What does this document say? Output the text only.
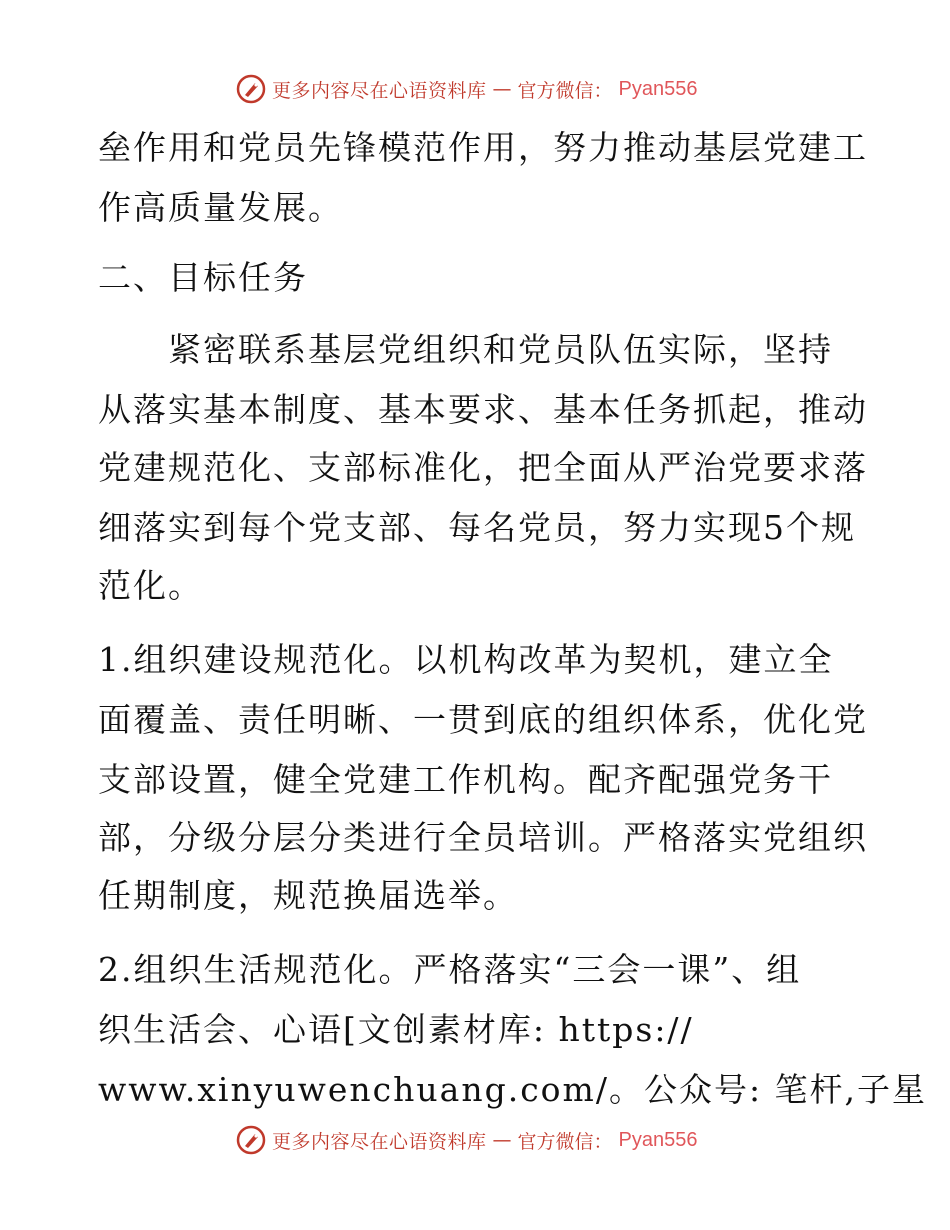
更多内容尽在心语资料库 — 官方微信： Pyan556
垒作用和党员先锋模范作用，努力推动基层党建工
作高质量发展。
二、目标任务
　　紧密联系基层党组织和党员队伍实际，坚持
从落实基本制度、基本要求、基本任务抓起，推动
党建规范化、支部标准化，把全面从严治党要求落
细落实到每个党支部、每名党员，努力实现5个规
范化。
1.组织建设规范化。以机构改革为契机，建立全
面覆盖、责任明晰、一贯到底的组织体系，优化党
支部设置，健全党建工作机构。配齐配强党务干
部，分级分层分类进行全员培训。严格落实党组织
任期制度，规范换届选举。
2.组织生活规范化。严格落实“三会一课”、组
织生活会、心语[文创素材库: https://
www.xinyuwenchuang.com/。公众号: 笔杆,子星
更多内容尽在心语资料库 — 官方微信： Pyan556
